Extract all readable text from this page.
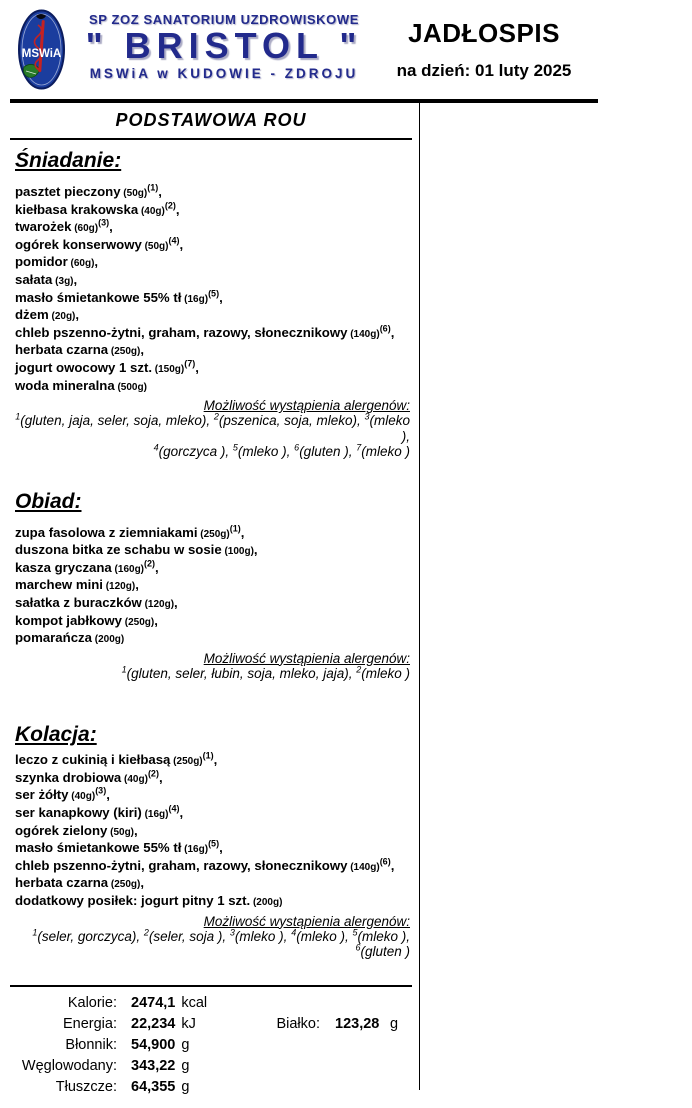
MSWiA
SP ZOZ SANATORIUM UZDROWISKOWE
" BRISTOL "
MSWiA w KUDOWIE - ZDROJU
JADŁOSPIS
na dzień: 01 luty 2025
PODSTAWOWA ROU
Śniadanie:
pasztet pieczony $(50g)^{(1)}$,
kiełbasa krakowska $(40g)^{(2)}$,
twarożek $(60g)^{(3)}$,
ogórek konserwowy $(50g)^{(4)}$,
pomidor (60g),
sałata (3g),
masło śmietankowe 55% tł $(16g)^{(5)}$,
dżem (20g),
chleb pszenno-żytni, graham, razowy, słonecznikowy $(140g)^{(6)}$,
herbata czarna (250g),
jogurt owocowy 1 szt. $(150g)^{(7)}$,
woda mineralna (500g)
Możliwość wystąpienia alergenów:
$^1$(gluten, jaja, seler, soja, mleko), $^2$(pszenica, soja, mleko), $^3$(mleko ),
$^4$(gorczyca ), $^5$(mleko ), $^6$(gluten ), $^7$(mleko )
Obiad:
zupa fasolowa z ziemniakami $(250g)^{(1)}$,
duszona bitka ze schabu w sosie (100g),
kasza gryczana $(160g)^{(2)}$,
marchew mini (120g),
sałatka z buraczków (120g),
kompot jabłkowy (250g),
pomarańcza (200g)
Możliwość wystąpienia alergenów:
$^1$(gluten, seler, łubin, soja, mleko, jaja), $^2$(mleko )
Kolacja:
leczo z cukinią i kiełbasą $(250g)^{(1)}$,
szynka drobiowa $(40g)^{(2)}$,
ser żółty $(40g)^{(3)}$,
ser kanapkowy (kiri) $(16g)^{(4)}$,
ogórek zielony (50g),
masło śmietankowe 55% tł $(16g)^{(5)}$,
chleb pszenno-żytni, graham, razowy, słonecznikowy $(140g)^{(6)}$,
herbata czarna (250g),
dodatkowy posiłek: jogurt pitny 1 szt. (200g)
Możliwość wystąpienia alergenów:
$^1$(seler, gorczyca), $^2$(seler, soja ), $^3$(mleko ), $^4$(mleko ), $^5$(mleko ),
$^6$(gluten )
Kalorie: 2474,1 kcal
Energia: 22,234 kJ	Białko: 123,28 g
Błonnik: 54,900 g
Węglowodany: 343,22 g
Tłuszcze: 64,355 g
